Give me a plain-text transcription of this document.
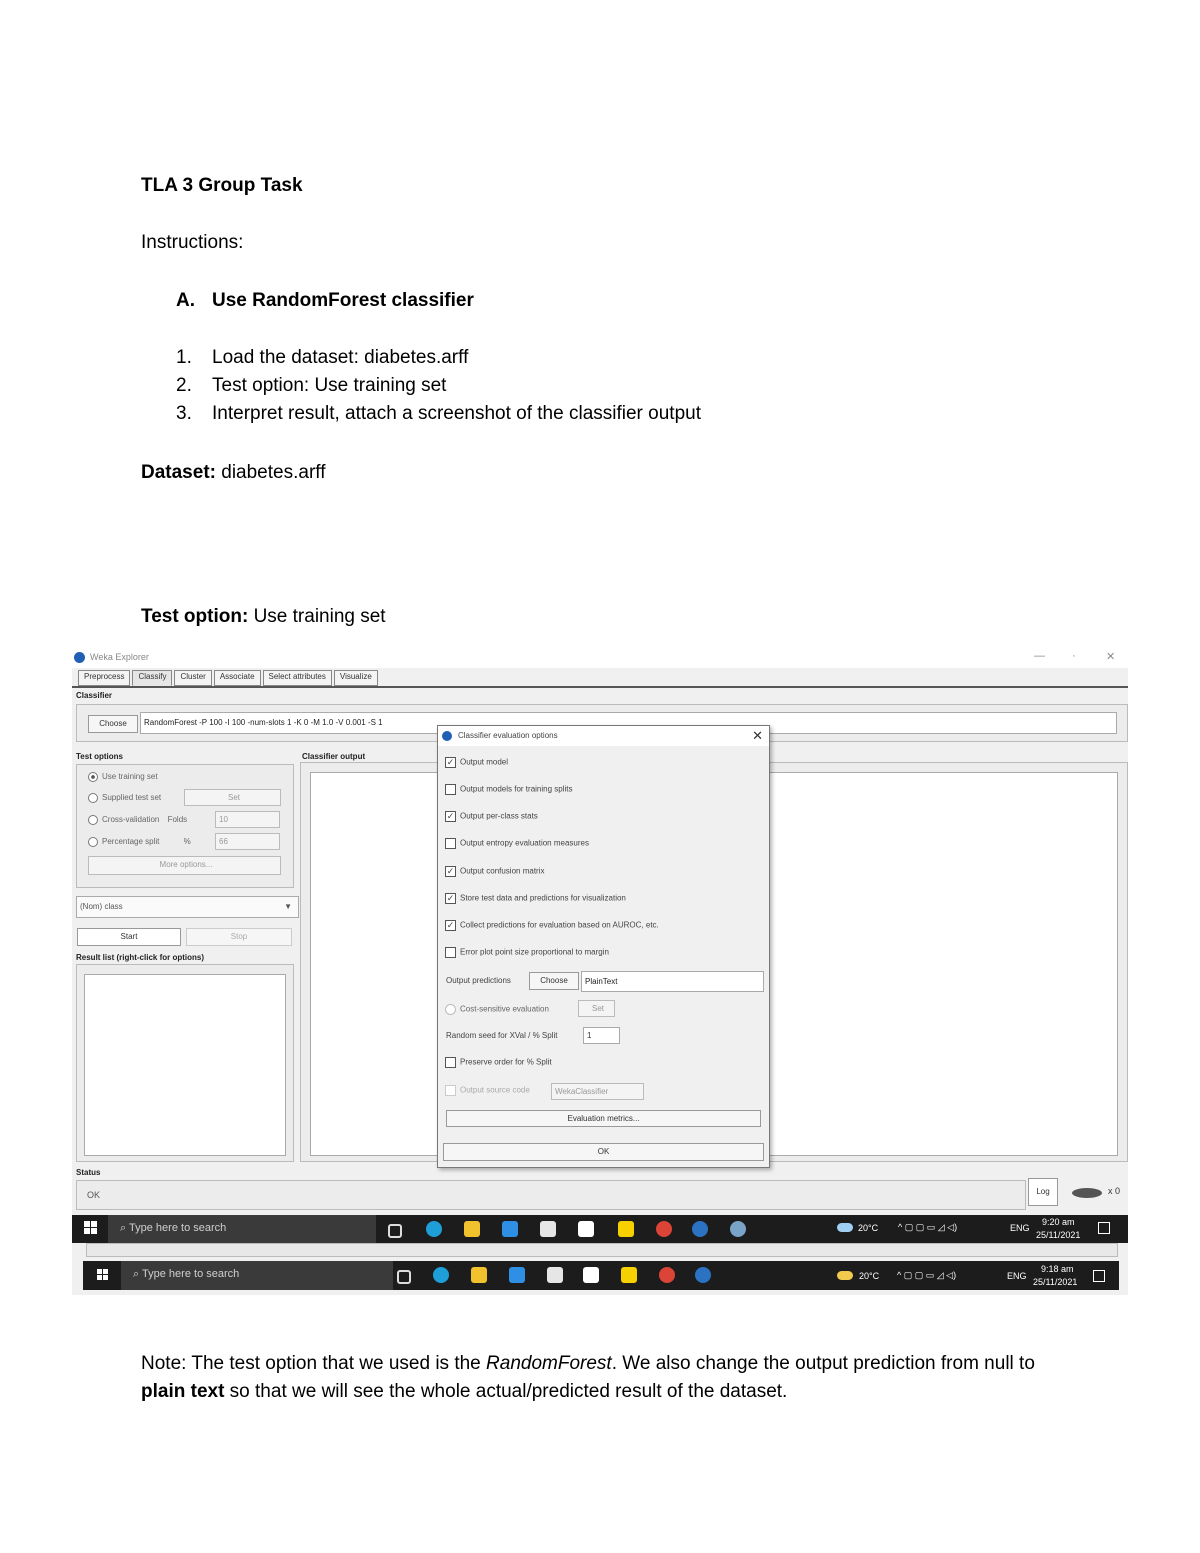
TLA 3 Group Task
Instructions:
A. Use RandomForest classifier
1. Load the dataset: diabetes.arff
2. Test option: Use training set
3. Interpret result, attach a screenshot of the classifier output
Dataset: diabetes.arff
Test option: Use training set
Weka Explorer	— ·	✕
Preprocess	Classify	Cluster	Associate	Select attributes	Visualize
Classifier
Choose	RandomForest -P 100 -I 100 -num-slots 1 -K 0 -M 1.0 -V 0.001 -S 1
Test options
Use training set
Supplied test set	Set
Cross-validation Folds	10
Percentage split	%	66
More options...
(Nom) class	▼
Start	Stop
Result list (right-click for options)
Classifier output
Status
OK	Log	x 0
Classifier evaluation options	✕
✓ Output model
Output models for training splits
✓ Output per-class stats
Output entropy evaluation measures
✓ Output confusion matrix
✓ Store test data and predictions for visualization
✓ Collect predictions for evaluation based on AUROC, etc.
Error plot point size proportional to margin
Output predictions	Choose	PlainText
Cost-sensitive evaluation	Set
Random seed for XVal / % Split	1
Preserve order for % Split
Output source code	WekaClassifier
Evaluation metrics...
OK
⌕ Type here to search	20°C ^ ▢ ▢ ▭ ◿ ◁)	ENG
9:20 am
25/11/2021
⌕ Type here to search	20°C ^ ▢ ▢ ▭ ◿ ◁)	ENG
9:18 am
25/11/2021
Note: The test option that we used is the RandomForest. We also change the output prediction from null to plain text so that we will see the whole actual/predicted result of the dataset.
